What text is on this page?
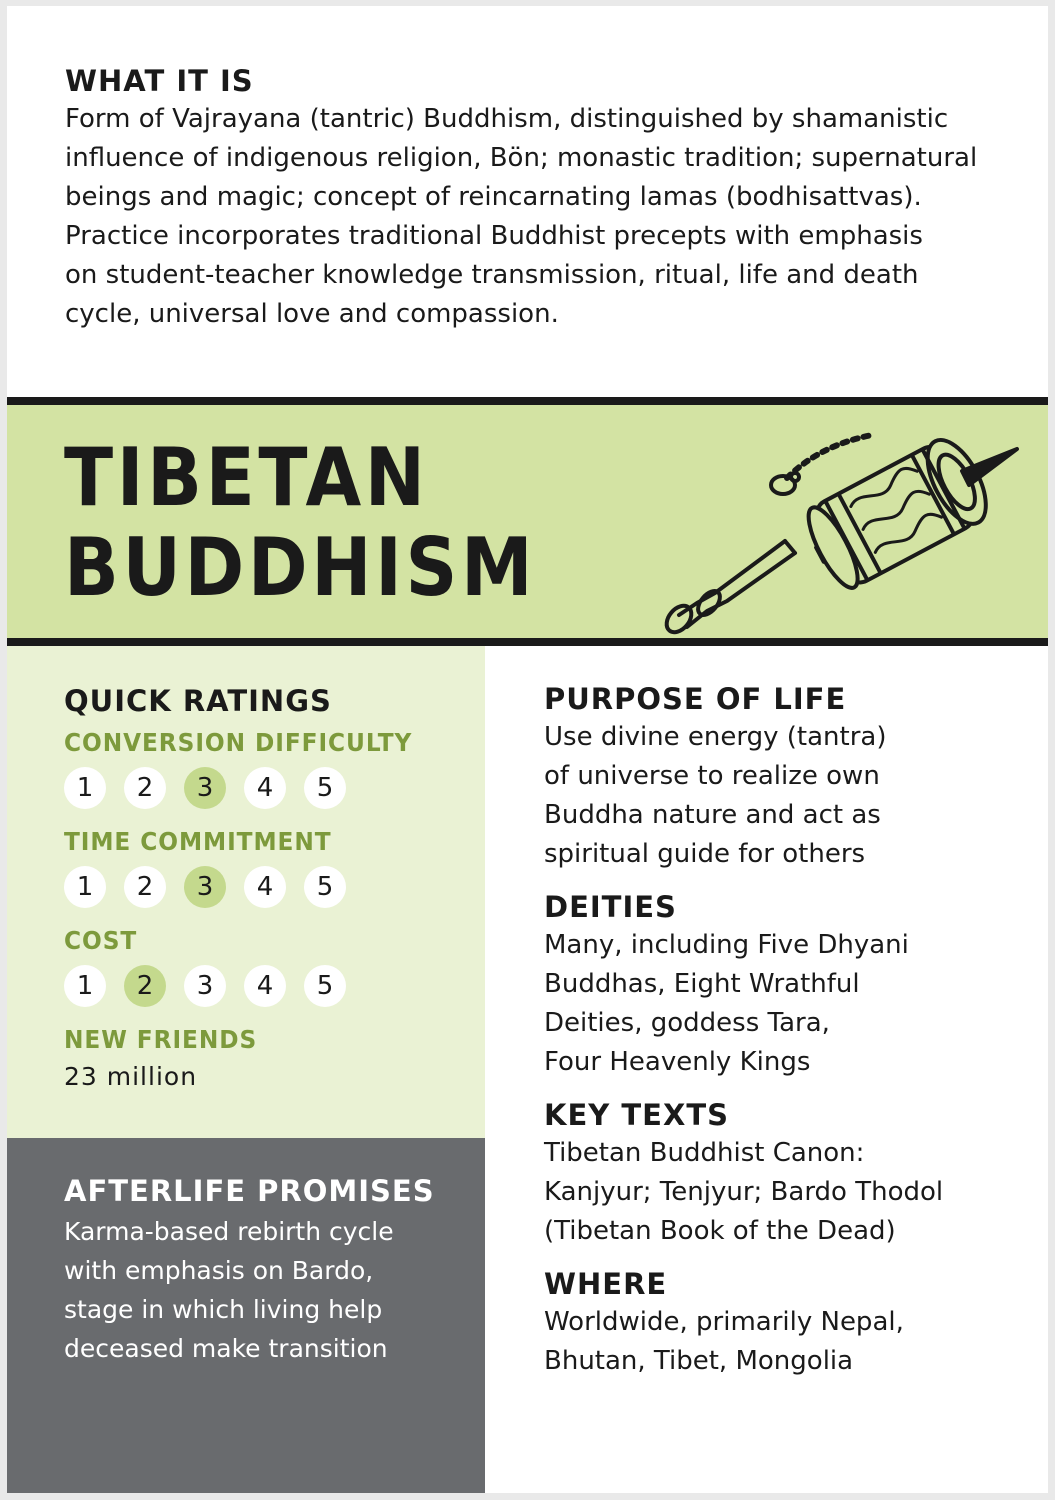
WHAT IT IS
Form of Vajrayana (tantric) Buddhism, distinguished by shamanistic
influence of indigenous religion, Bön; monastic tradition; supernatural
beings and magic; concept of reincarnating lamas (bodhisattvas).
Practice incorporates traditional Buddhist precepts with emphasis
on student-teacher knowledge transmission, ritual, life and death
cycle, universal love and compassion.
TIBETAN
BUDDHISM
QUICK RATINGS
CONVERSION DIFFICULTY
1	2	3	4	5
TIME COMMITMENT
1	2	3	4	5
COST
1	2	3	4	5
NEW FRIENDS
23 million
AFTERLIFE PROMISES
Karma-based rebirth cycle
with emphasis on Bardo,
stage in which living help
deceased make transition
PURPOSE OF LIFE
Use divine energy (tantra)
of universe to realize own
Buddha nature and act as
spiritual guide for others
DEITIES
Many, including Five Dhyani
Buddhas, Eight Wrathful
Deities, goddess Tara,
Four Heavenly Kings
KEY TEXTS
Tibetan Buddhist Canon:
Kanjyur; Tenjyur; Bardo Thodol
(Tibetan Book of the Dead)
WHERE
Worldwide, primarily Nepal,
Bhutan, Tibet, Mongolia
